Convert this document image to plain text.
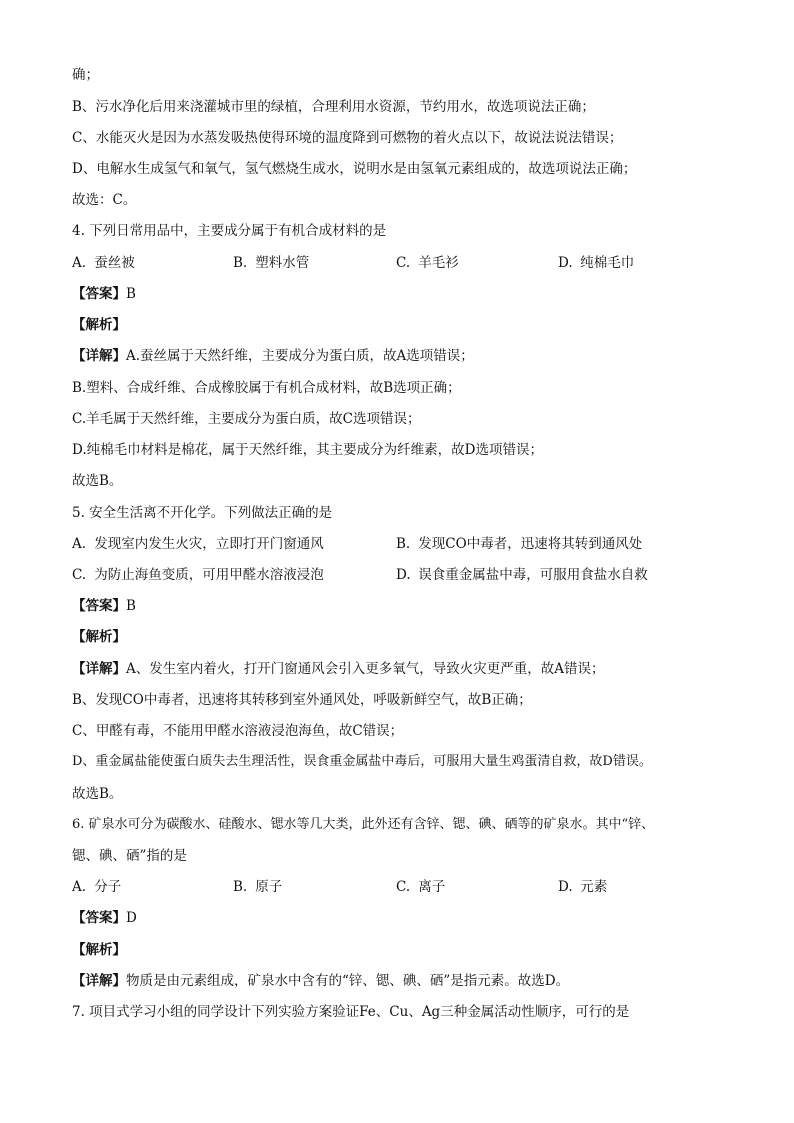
确；
B、污水净化后用来浇灌城市里的绿植，合理利用水资源，节约用水，故选项说法正确；
C、水能灭火是因为水蒸发吸热使得环境的温度降到可燃物的着火点以下，故说法说法错误；
D、电解水生成氢气和氧气，氢气燃烧生成水，说明水是由氢氧元素组成的，故选项说法正确；
故选：C。
4. 下列日常用品中，主要成分属于有机合成材料的是
A. 蚕丝被	B. 塑料水管	C. 羊毛衫	D. 纯棉毛巾
【答案】B
【解析】
【详解】A.蚕丝属于天然纤维，主要成分为蛋白质，故A选项错误；
B.塑料、合成纤维、合成橡胶属于有机合成材料，故B选项正确；
C.羊毛属于天然纤维，主要成分为蛋白质，故C选项错误；
D.纯棉毛巾材料是棉花，属于天然纤维，其主要成分为纤维素，故D选项错误；
故选B。
5. 安全生活离不开化学。下列做法正确的是
A. 发现室内发生火灾，立即打开门窗通风	B. 发现CO中毒者，迅速将其转到通风处
C. 为防止海鱼变质，可用甲醛水溶液浸泡	D. 误食重金属盐中毒，可服用食盐水自救
【答案】B
【解析】
【详解】A、发生室内着火，打开门窗通风会引入更多氧气，导致火灾更严重，故A错误；
B、发现CO中毒者，迅速将其转移到室外通风处，呼吸新鲜空气，故B正确；
C、甲醛有毒，不能用甲醛水溶液浸泡海鱼，故C错误；
D、重金属盐能使蛋白质失去生理活性，误食重金属盐中毒后，可服用大量生鸡蛋清自救，故D错误。
故选B。
6. 矿泉水可分为碳酸水、硅酸水、锶水等几大类，此外还有含锌、锶、碘、硒等的矿泉水。其中“锌、
锶、碘、硒”指的是
A. 分子	B. 原子	C. 离子	D. 元素
【答案】D
【解析】
【详解】物质是由元素组成，矿泉水中含有的“锌、锶、碘、硒”是指元素。故选D。
7. 项目式学习小组的同学设计下列实验方案验证Fe、Cu、Ag三种金属活动性顺序，可行的是
